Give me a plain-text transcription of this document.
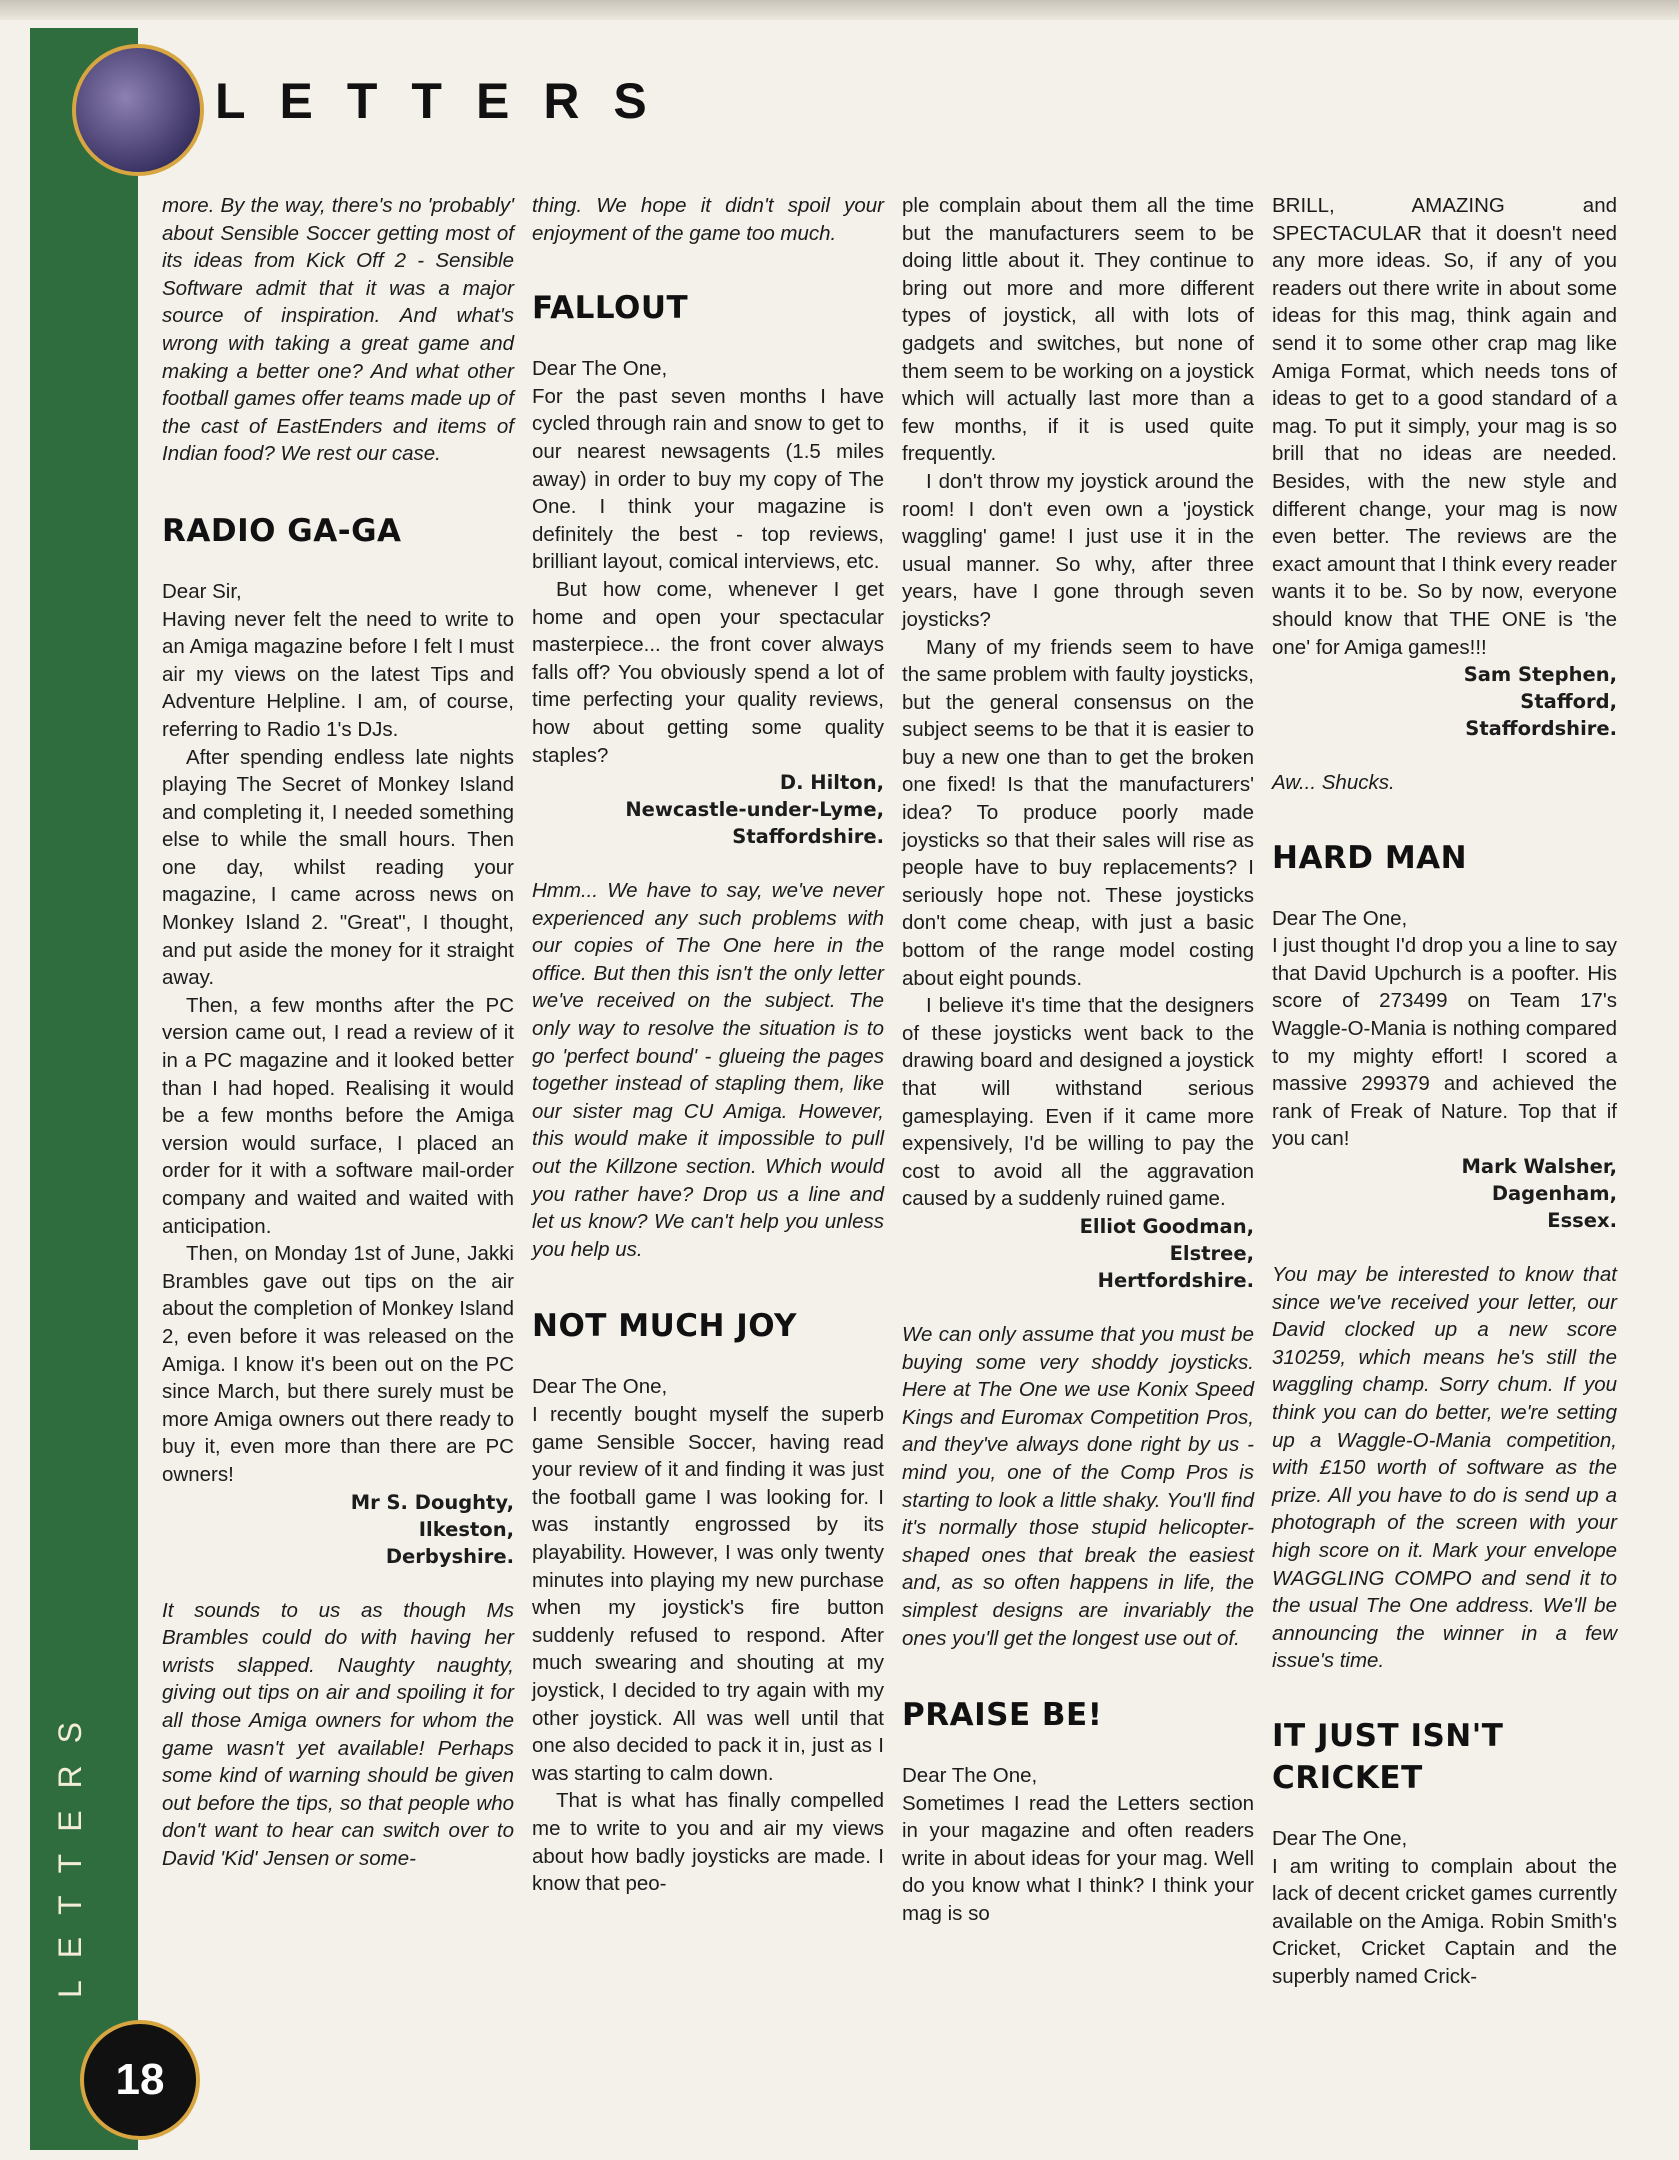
LETTERS
LETTERS
18

more. By the way, there's no 'probably' about Sensible Soccer getting most of its ideas from Kick Off 2 - Sensible Software admit that it was a major source of inspiration. And what's wrong with taking a great game and making a better one? And what other football games offer teams made up of the cast of EastEnders and items of Indian food? We rest our case.

RADIO GA-GA

Dear Sir,

Having never felt the need to write to an Amiga magazine before I felt I must air my views on the latest Tips and Adventure Helpline. I am, of course, referring to Radio 1's DJs.

After spending endless late nights playing The Secret of Monkey Island and completing it, I needed something else to while the small hours. Then one day, whilst reading your magazine, I came across news on Monkey Island 2. "Great", I thought, and put aside the money for it straight away.

Then, a few months after the PC version came out, I read a review of it in a PC magazine and it looked better than I had hoped. Realising it would be a few months before the Amiga version would surface, I placed an order for it with a software mail-order company and waited and waited with anticipation.

Then, on Monday 1st of June, Jakki Brambles gave out tips on the air about the completion of Monkey Island 2, even before it was released on the Amiga. I know it's been out on the PC since March, but there surely must be more Amiga owners out there ready to buy it, even more than there are PC owners!

Mr S. Doughty,
Ilkeston,
Derbyshire.

It sounds to us as though Ms Brambles could do with having her wrists slapped. Naughty naughty, giving out tips on air and spoiling it for all those Amiga owners for whom the game wasn't yet available! Perhaps some kind of warning should be given out before the tips, so that people who don't want to hear can switch over to David 'Kid' Jensen or some-

thing. We hope it didn't spoil your enjoyment of the game too much.

FALLOUT

Dear The One,

For the past seven months I have cycled through rain and snow to get to our nearest newsagents (1.5 miles away) in order to buy my copy of The One. I think your magazine is definitely the best - top reviews, brilliant layout, comical interviews, etc.

But how come, whenever I get home and open your spectacular masterpiece... the front cover always falls off? You obviously spend a lot of time perfecting your quality reviews, how about getting some quality staples?

D. Hilton,
Newcastle-under-Lyme,
Staffordshire.

Hmm... We have to say, we've never experienced any such problems with our copies of The One here in the office. But then this isn't the only letter we've received on the subject. The only way to resolve the situation is to go 'perfect bound' - glueing the pages together instead of stapling them, like our sister mag CU Amiga. However, this would make it impossible to pull out the Killzone section. Which would you rather have? Drop us a line and let us know? We can't help you unless you help us.

NOT MUCH JOY

Dear The One,

I recently bought myself the superb game Sensible Soccer, having read your review of it and finding it was just the football game I was looking for. I was instantly engrossed by its playability. However, I was only twenty minutes into playing my new purchase when my joystick's fire button suddenly refused to respond. After much swearing and shouting at my joystick, I decided to try again with my other joystick. All was well until that one also decided to pack it in, just as I was starting to calm down.

That is what has finally compelled me to write to you and air my views about how badly joysticks are made. I know that peo-

ple complain about them all the time but the manufacturers seem to be doing little about it. They continue to bring out more and more different types of joystick, all with lots of gadgets and switches, but none of them seem to be working on a joystick which will actually last more than a few months, if it is used quite frequently.

I don't throw my joystick around the room! I don't even own a 'joystick waggling' game! I just use it in the usual manner. So why, after three years, have I gone through seven joysticks?

Many of my friends seem to have the same problem with faulty joysticks, but the general consensus on the subject seems to be that it is easier to buy a new one than to get the broken one fixed! Is that the manufacturers' idea? To produce poorly made joysticks so that their sales will rise as people have to buy replacements? I seriously hope not. These joysticks don't come cheap, with just a basic bottom of the range model costing about eight pounds.

I believe it's time that the designers of these joysticks went back to the drawing board and designed a joystick that will withstand serious gamesplaying. Even if it came more expensively, I'd be willing to pay the cost to avoid all the aggravation caused by a suddenly ruined game.

Elliot Goodman,
Elstree,
Hertfordshire.

We can only assume that you must be buying some very shoddy joysticks. Here at The One we use Konix Speed Kings and Euromax Competition Pros, and they've always done right by us - mind you, one of the Comp Pros is starting to look a little shaky. You'll find it's normally those stupid helicopter-shaped ones that break the easiest and, as so often happens in life, the simplest designs are invariably the ones you'll get the longest use out of.

PRAISE BE!

Dear The One,

Sometimes I read the Letters section in your magazine and often readers write in about ideas for your mag. Well do you know what I think? I think your mag is so

BRILL, AMAZING and SPECTACULAR that it doesn't need any more ideas. So, if any of you readers out there write in about some ideas for this mag, think again and send it to some other crap mag like Amiga Format, which needs tons of ideas to get to a good standard of a mag. To put it simply, your mag is so brill that no ideas are needed. Besides, with the new style and different change, your mag is now even better. The reviews are the exact amount that I think every reader wants it to be. So by now, everyone should know that THE ONE is 'the one' for Amiga games!!!

Sam Stephen,
Stafford,
Staffordshire.

Aw... Shucks.

HARD MAN

Dear The One,

I just thought I'd drop you a line to say that David Upchurch is a poofter. His score of 273499 on Team 17's Waggle-O-Mania is nothing compared to my mighty effort! I scored a massive 299379 and achieved the rank of Freak of Nature. Top that if you can!

Mark Walsher,
Dagenham,
Essex.

You may be interested to know that since we've received your letter, our David clocked up a new score 310259, which means he's still the waggling champ. Sorry chum. If you think you can do better, we're setting up a Waggle-O-Mania competition, with £150 worth of software as the prize. All you have to do is send up a photograph of the screen with your high score on it. Mark your envelope WAGGLING COMPO and send it to the usual The One address. We'll be announcing the winner in a few issue's time.

IT JUST ISN'T

CRICKET

Dear The One,

I am writing to complain about the lack of decent cricket games currently available on the Amiga. Robin Smith's Cricket, Cricket Captain and the superbly named Crick-
